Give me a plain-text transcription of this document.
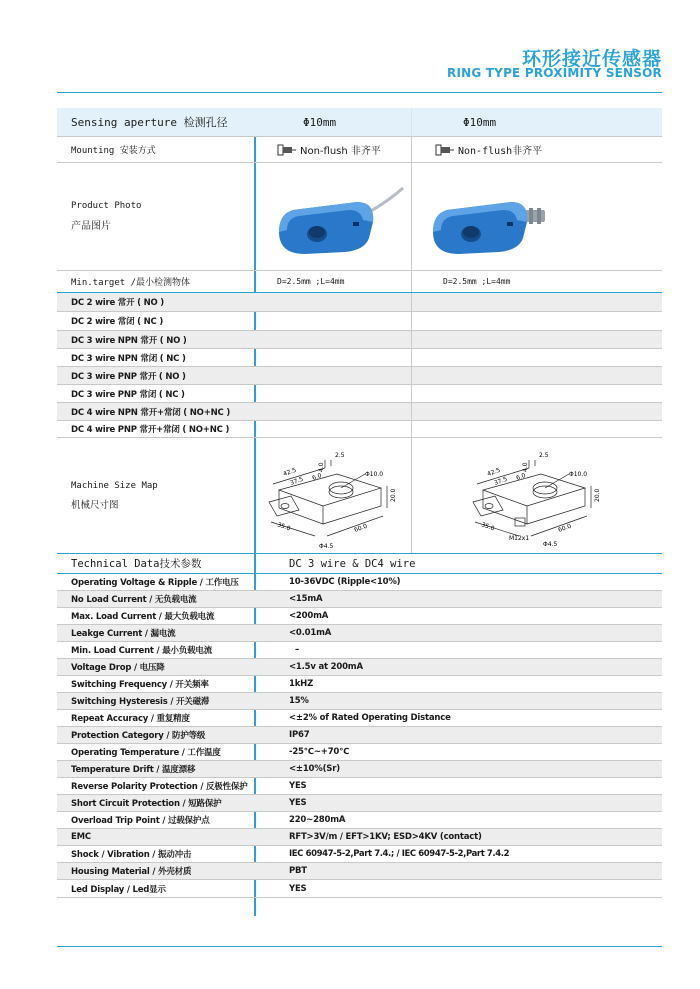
环形接近传感器
RING TYPE PROXIMITY SENSOR
Sensing aperture 检测孔径	Φ10mm	Φ10mm
Mounting 安装方式	Non-flush 非齐平	Non-flush非齐平
Product Photo
产品图片
Min.target /最小检测物体	D=2.5mm ;L=4mm	D=2.5mm ;L=4mm
DC 2 wire 常开 ( NO )
DC 2 wire 常闭 ( NC )
DC 3 wire NPN 常开 ( NO )
DC 3 wire NPN 常闭 ( NC )
DC 3 wire PNP 常开 ( NO )
DC 3 wire PNP 常闭 ( NC )
DC 4 wire NPN 常开+常闭 ( NO+NC )
DC 4 wire PNP 常开+常闭 ( NO+NC )
Machine Size Map
机械尺寸图
42.5
37.5 6.0
4.0
2.5
Φ10.0
20.0
35.0	60.0
Φ4.5
42.5
37.5 6.0
4.0
2.5
Φ10.0
20.0
35.0	60.0
M12x1
Φ4.5
Technical Data技术参数	DC 3 wire & DC4 wire
Operating Voltage & Ripple / 工作电压	10-36VDC (Ripple<10%)
No Load Current / 无负载电流	<15mA
Max. Load Current / 最大负载电流	<200mA
Leakge Current / 漏电流	<0.01mA
Min. Load Current / 最小负载电流	–
Voltage Drop / 电压降	<1.5v at 200mA
Switching Frequency / 开关频率	1kHZ
Switching Hysteresis / 开关磁滞	15%
Repeat Accuracy / 重复精度	<±2% of Rated Operating Distance
Protection Category / 防护等级	IP67
Operating Temperature / 工作温度	-25℃~+70℃
Temperature Drift / 温度漂移	<±10%(Sr)
Reverse Polarity Protection / 反极性保护	YES
Short Circuit Protection / 短路保护	YES
Overload Trip Point / 过载保护点	220~280mA
EMC	RFT>3V/m / EFT>1KV; ESD>4KV (contact)
Shock / Vibration / 振动冲击	IEC 60947-5-2,Part 7.4.; / IEC 60947-5-2,Part 7.4.2
Housing Material / 外壳材质	PBT
Led Display / Led显示	YES
